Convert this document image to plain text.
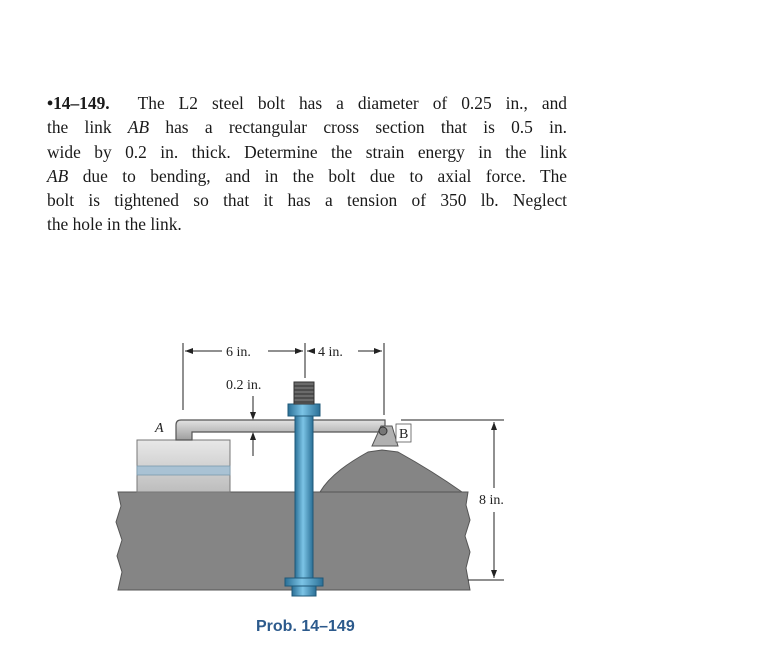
•14–149. The L2 steel bolt has a diameter of 0.25 in., and
the link AB has a rectangular cross section that is 0.5 in.
wide by 0.2 in. thick. Determine the strain energy in the link
AB due to bending, and in the bolt due to axial force. The
bolt is tightened so that it has a tension of 350 lb. Neglect
the hole in the link.
6 in.	4 in.
0.2 in.
8 in.
A	B
Prob. 14–149
